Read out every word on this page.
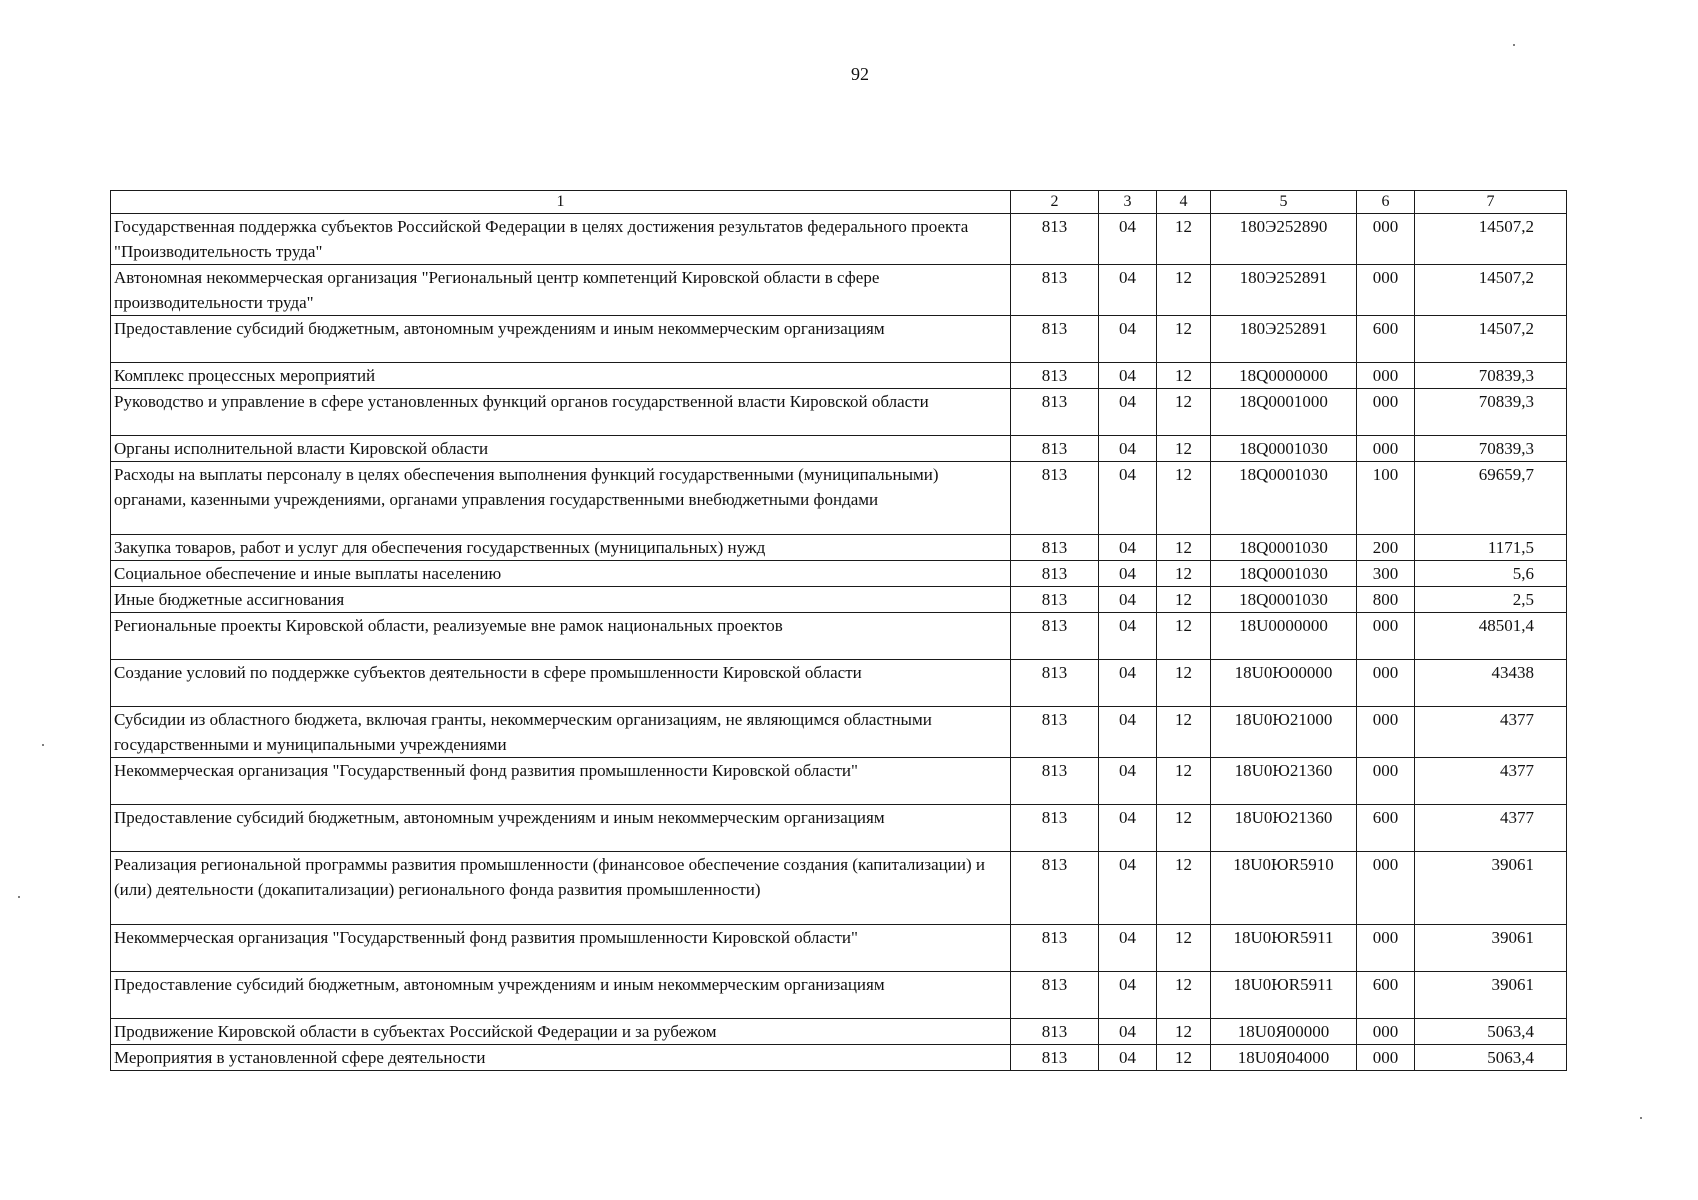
92
1	2	3	4	5	6	7
Государственная поддержка субъектов Российской Федерации в целях достижения результатов федерального проекта "Производительность труда"	813	04	12	180Э252890	000	14507,2
Автономная некоммерческая организация "Региональный центр компетенций Кировской области в сфере производительности труда"	813	04	12	180Э252891	000	14507,2
Предоставление субсидий бюджетным, автономным учреждениям и иным некоммерческим организациям	813	04	12	180Э252891	600	14507,2
Комплекс процессных мероприятий	813	04	12	18Q0000000	000	70839,3
Руководство и управление в сфере установленных функций органов государственной власти Кировской области	813	04	12	18Q0001000	000	70839,3
Органы исполнительной власти Кировской области	813	04	12	18Q0001030	000	70839,3
Расходы на выплаты персоналу в целях обеспечения выполнения функций государственными (муниципальными) органами, казенными учреждениями, органами управления государственными внебюджетными фондами	813	04	12	18Q0001030	100	69659,7
Закупка товаров, работ и услуг для обеспечения государственных (муниципальных) нужд	813	04	12	18Q0001030	200	1171,5
Социальное обеспечение и иные выплаты населению	813	04	12	18Q0001030	300	5,6
Иные бюджетные ассигнования	813	04	12	18Q0001030	800	2,5
Региональные проекты Кировской области, реализуемые вне рамок национальных проектов	813	04	12	18U0000000	000	48501,4
Создание условий по поддержке субъектов деятельности в сфере промышленности Кировской области	813	04	12	18U0Ю00000	000	43438
Субсидии из областного бюджета, включая гранты, некоммерческим организациям, не являющимся областными государственными и муниципальными учреждениями	813	04	12	18U0Ю21000	000	4377
Некоммерческая организация "Государственный фонд развития промышленности Кировской области"	813	04	12	18U0Ю21360	000	4377
Предоставление субсидий бюджетным, автономным учреждениям и иным некоммерческим организациям	813	04	12	18U0Ю21360	600	4377
Реализация региональной программы развития промышленности (финансовое обеспечение создания (капитализации) и (или) деятельности (докапитализации) регионального фонда развития промышленности)	813	04	12	18U0ЮR5910	000	39061
Некоммерческая организация "Государственный фонд развития промышленности Кировской области"	813	04	12	18U0ЮR5911	000	39061
Предоставление субсидий бюджетным, автономным учреждениям и иным некоммерческим организациям	813	04	12	18U0ЮR5911	600	39061
Продвижение Кировской области в субъектах Российской Федерации и за рубежом	813	04	12	18U0Я00000	000	5063,4
Мероприятия в установленной сфере деятельности	813	04	12	18U0Я04000	000	5063,4
